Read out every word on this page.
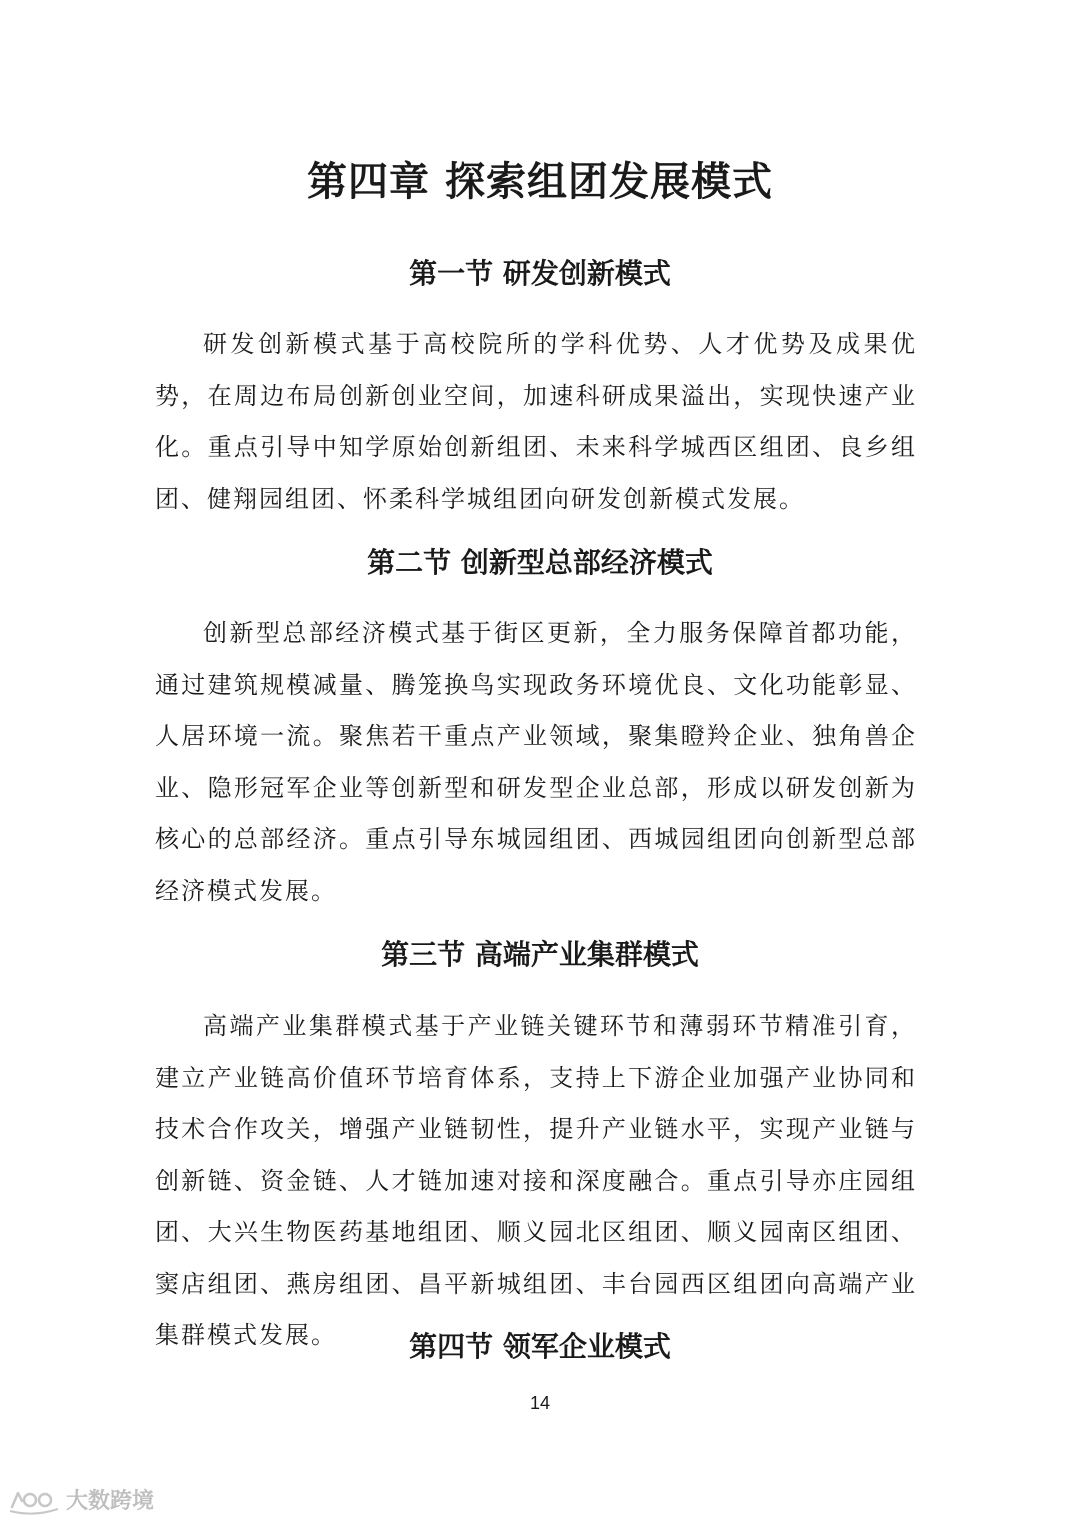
第四章 探索组团发展模式
第一节 研发创新模式

研发创新模式基于高校院所的学科优势、人才优势及成果优势，在周边布局创新创业空间，加速科研成果溢出，实现快速产业化。重点引导中知学原始创新组团、未来科学城西区组团、良乡组团、健翔园组团、怀柔科学城组团向研发创新模式发展。

第二节 创新型总部经济模式

创新型总部经济模式基于街区更新，全力服务保障首都功能，通过建筑规模减量、腾笼换鸟实现政务环境优良、文化功能彰显、人居环境一流。聚焦若干重点产业领域，聚集瞪羚企业、独角兽企业、隐形冠军企业等创新型和研发型企业总部，形成以研发创新为核心的总部经济。重点引导东城园组团、西城园组团向创新型总部经济模式发展。

第三节 高端产业集群模式

高端产业集群模式基于产业链关键环节和薄弱环节精准引育，建立产业链高价值环节培育体系，支持上下游企业加强产业协同和技术合作攻关，增强产业链韧性，提升产业链水平，实现产业链与创新链、资金链、人才链加速对接和深度融合。重点引导亦庄园组团、大兴生物医药基地组团、顺义园北区组团、顺义园南区组团、窦店组团、燕房组团、昌平新城组团、丰台园西区组团向高端产业集群模式发展。	第四节 领军企业模式
14
大数跨境
